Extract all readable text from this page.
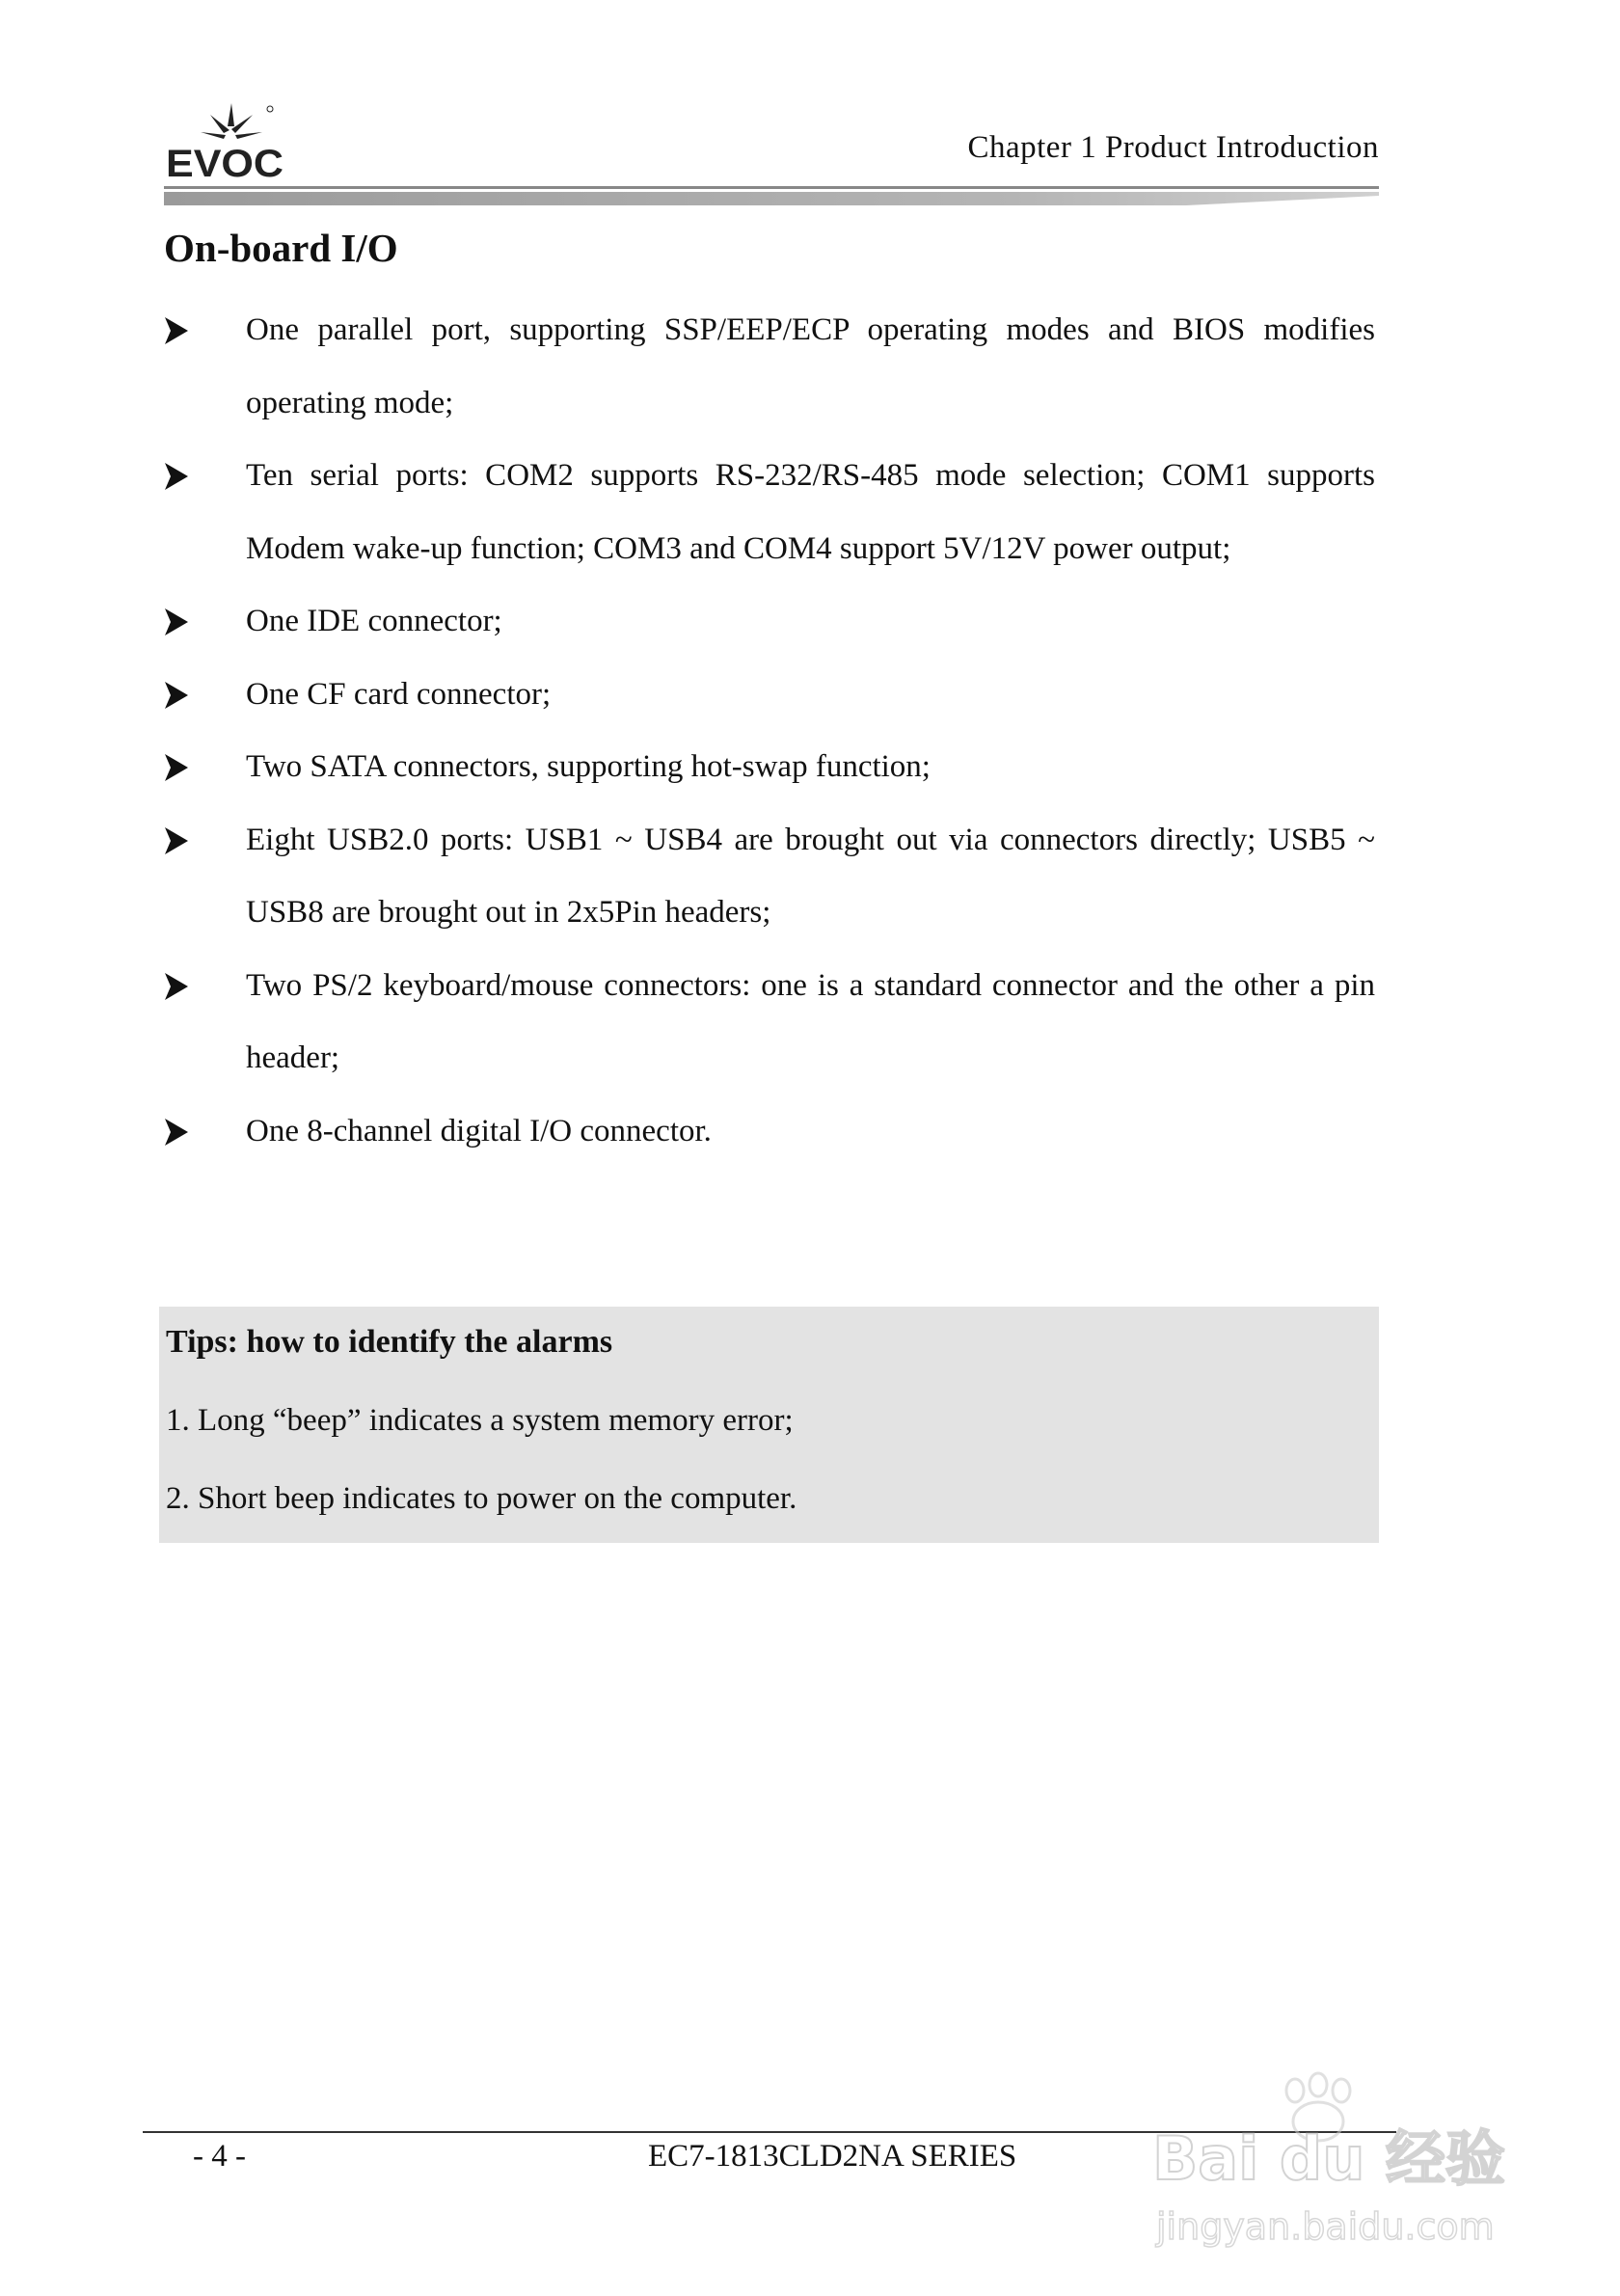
EVOC	Chapter 1 Product Introduction
On-board I/O
One parallel port, supporting SSP/EEP/ECP operating modes and BIOS modifies operating mode;
Ten serial ports: COM2 supports RS-232/RS-485 mode selection; COM1 supports Modem wake-up function; COM3 and COM4 support 5V/12V power output;
One IDE connector;
One CF card connector;
Two SATA connectors, supporting hot-swap function;
Eight USB2.0 ports: USB1 ~ USB4 are brought out via connectors directly; USB5 ~ USB8 are brought out in 2x5Pin headers;
Two PS/2 keyboard/mouse connectors: one is a standard connector and the other a pin header;
One 8-channel digital I/O connector.
Tips: how to identify the alarms
1. Long “beep” indicates a system memory error;
2. Short beep indicates to power on the computer.
- 4 -	EC7-1813CLD2NA SERIES Bai du 经验
jingyan.baidu.com
